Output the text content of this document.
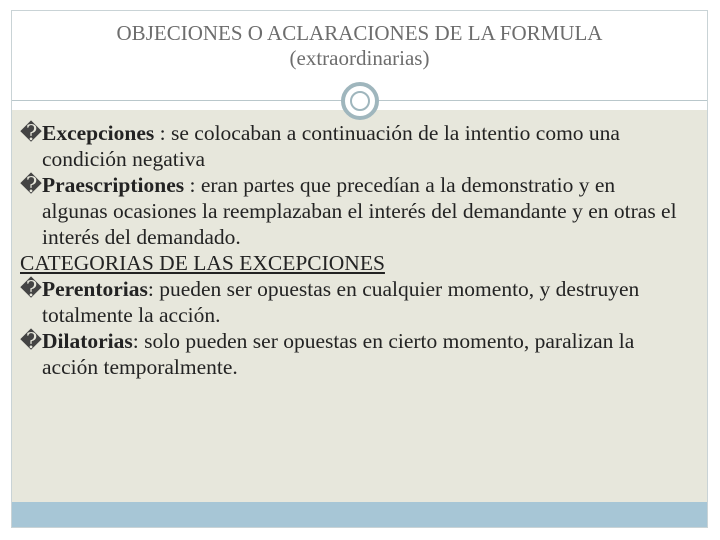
OBJECIONES O ACLARACIONES DE LA FORMULA
(extraordinarias)

�Excepciones : se colocaban a continuación de la intentio como una condición negativa

�Praescriptiones : eran partes que precedían a la demonstratio y en algunas ocasiones la reemplazaban el interés del demandante y en otras el interés del demandado.

CATEGORIAS DE LAS EXCEPCIONES

�Perentorias: pueden ser opuestas en cualquier momento, y destruyen totalmente la acción.

�Dilatorias: solo pueden ser opuestas en cierto momento, paralizan la acción temporalmente.
